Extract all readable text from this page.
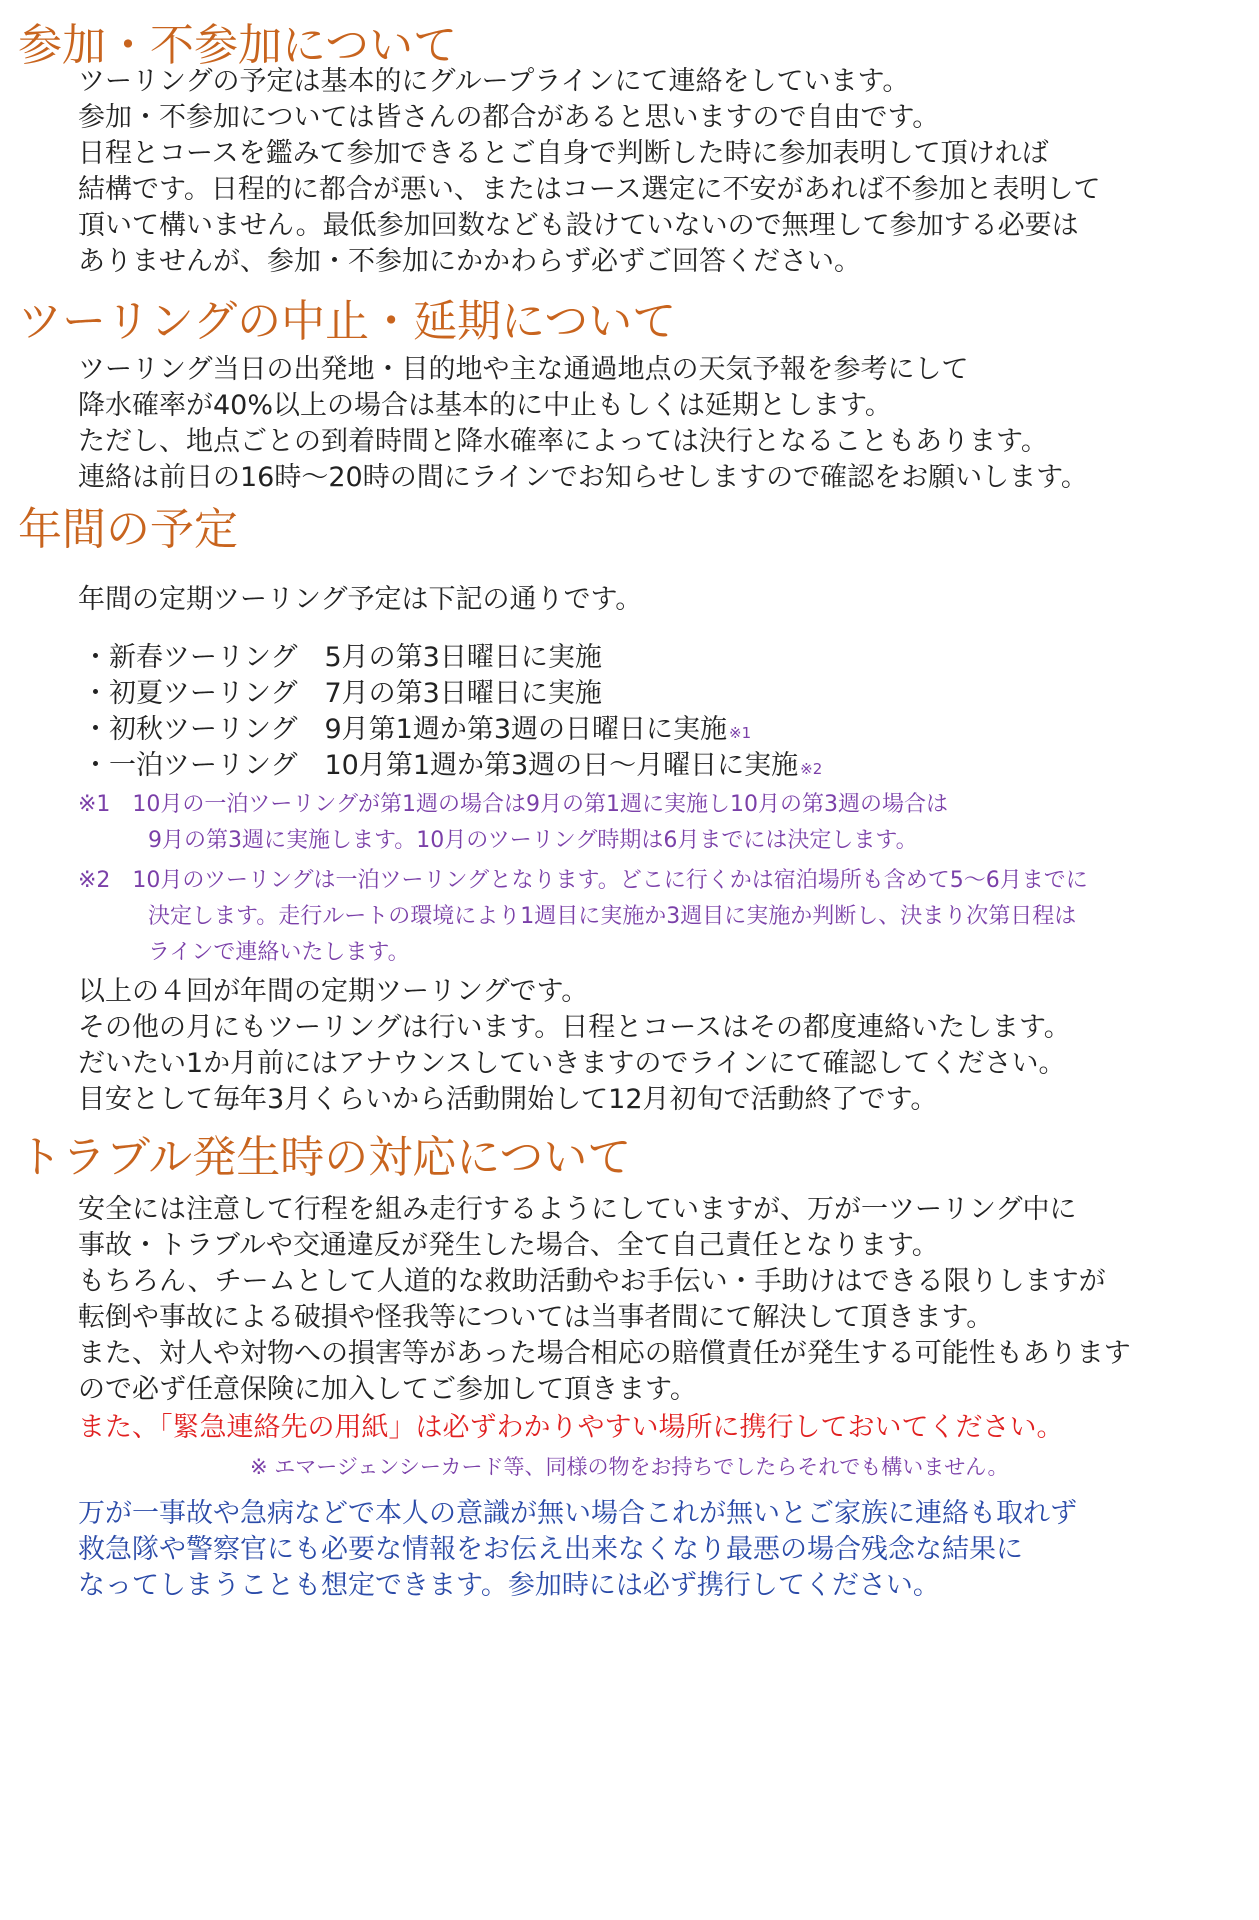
参加・不参加について
ツーリングの予定は基本的にグループラインにて連絡をしています。
参加・不参加については皆さんの都合があると思いますので自由です。
日程とコースを鑑みて参加できるとご自身で判断した時に参加表明して頂ければ
結構です。日程的に都合が悪い、またはコース選定に不安があれば不参加と表明して
頂いて構いません。最低参加回数なども設けていないので無理して参加する必要は
ありませんが、参加・不参加にかかわらず必ずご回答ください。
ツーリングの中止・延期について
ツーリング当日の出発地・目的地や主な通過地点の天気予報を参考にして
降水確率が40%以上の場合は基本的に中止もしくは延期とします。
ただし、地点ごとの到着時間と降水確率によっては決行となることもあります。
連絡は前日の16時〜20時の間にラインでお知らせしますので確認をお願いします。
年間の予定
年間の定期ツーリング予定は下記の通りです。
・新春ツーリング　5月の第3日曜日に実施
・初夏ツーリング　7月の第3日曜日に実施
・初秋ツーリング　9月第1週か第3週の日曜日に実施 ※1
・一泊ツーリング　10月第1週か第3週の日〜月曜日に実施 ※2
※1　10月の一泊ツーリングが第1週の場合は9月の第1週に実施し10月の第3週の場合は
9月の第3週に実施します。10月のツーリング時期は6月までには決定します。
※2　10月のツーリングは一泊ツーリングとなります。どこに行くかは宿泊場所も含めて5〜6月までに
決定します。走行ルートの環境により1週目に実施か3週目に実施か判断し、決まり次第日程は
ラインで連絡いたします。
以上の４回が年間の定期ツーリングです。
その他の月にもツーリングは行います。日程とコースはその都度連絡いたします。
だいたい1か月前にはアナウンスしていきますのでラインにて確認してください。
目安として毎年3月くらいから活動開始して12月初旬で活動終了です。
トラブル発生時の対応について
安全には注意して行程を組み走行するようにしていますが、万が一ツーリング中に
事故・トラブルや交通違反が発生した場合、全て自己責任となります。
もちろん、チームとして人道的な救助活動やお手伝い・手助けはできる限りしますが
転倒や事故による破損や怪我等については当事者間にて解決して頂きます。
また、対人や対物への損害等があった場合相応の賠償責任が発生する可能性もあります
ので必ず任意保険に加入してご参加して頂きます。
また、「緊急連絡先の用紙」は必ずわかりやすい場所に携行しておいてください。
※ エマージェンシーカード等、同様の物をお持ちでしたらそれでも構いません。
万が一事故や急病などで本人の意識が無い場合これが無いとご家族に連絡も取れず
救急隊や警察官にも必要な情報をお伝え出来なくなり最悪の場合残念な結果に
なってしまうことも想定できます。参加時には必ず携行してください。
